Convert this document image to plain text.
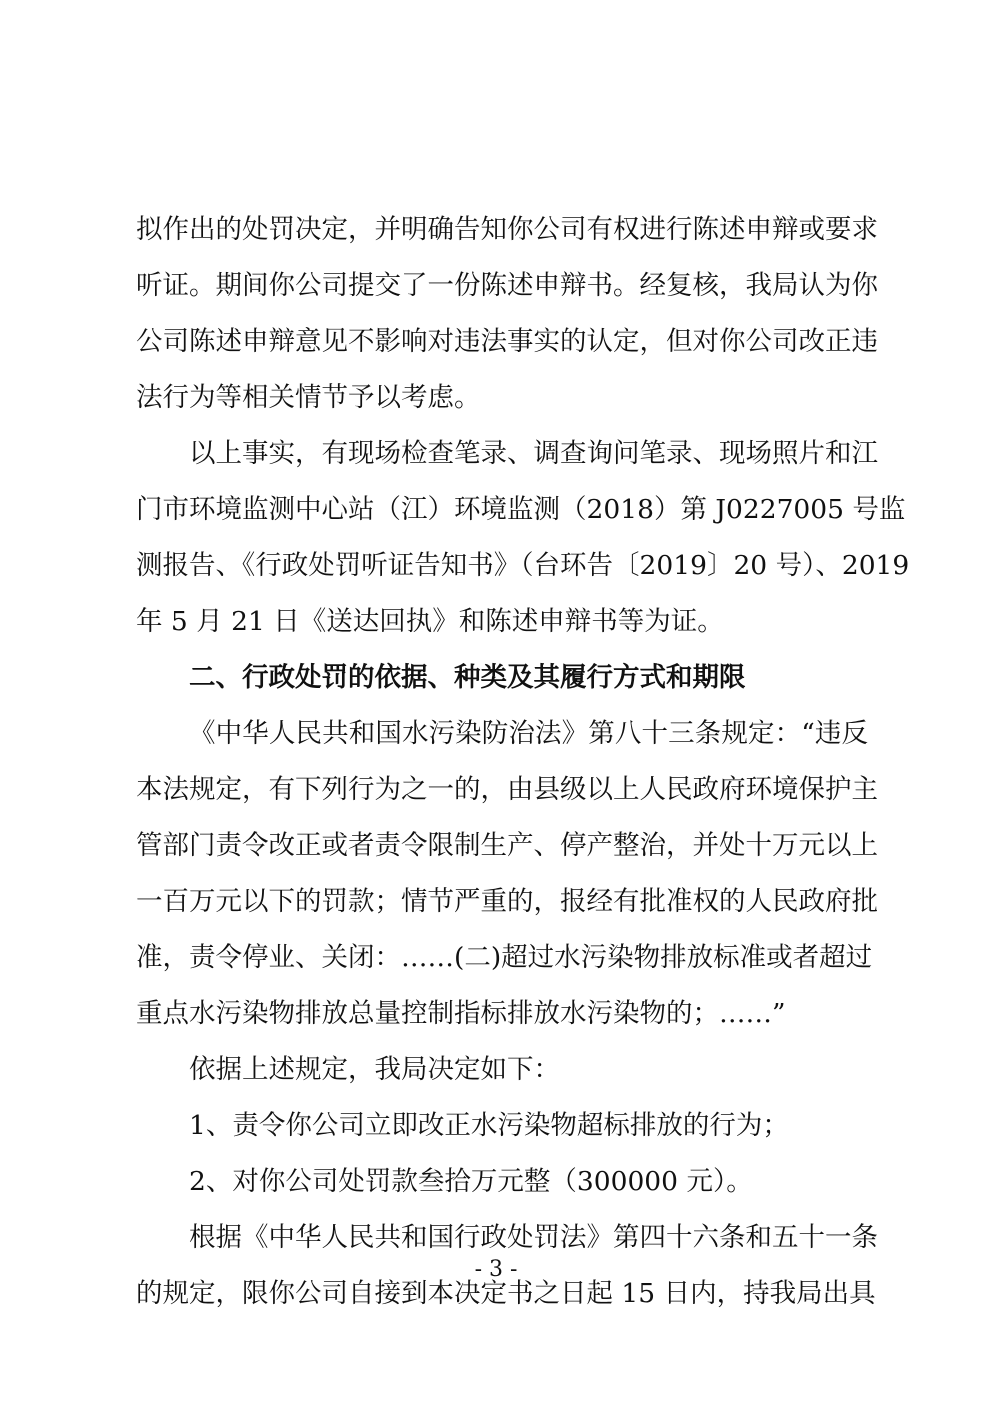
拟作出的处罚决定，并明确告知你公司有权进行陈述申辩或要求
听证。期间你公司提交了一份陈述申辩书。经复核，我局认为你
公司陈述申辩意见不影响对违法事实的认定，但对你公司改正违
法行为等相关情节予以考虑。
以上事实，有现场检查笔录、调查询问笔录、现场照片和江
门市环境监测中心站（江）环境监测（2018）第 J0227005 号监
测报告、《行政处罚听证告知书》（台环告〔2019〕20 号）、2019
年 5 月 21 日《送达回执》和陈述申辩书等为证。
二、行政处罚的依据、种类及其履行方式和期限
《中华人民共和国水污染防治法》第八十三条规定：“违反
本法规定，有下列行为之一的，由县级以上人民政府环境保护主
管部门责令改正或者责令限制生产、停产整治，并处十万元以上
一百万元以下的罚款；情节严重的，报经有批准权的人民政府批
准，责令停业、关闭：……(二)超过水污染物排放标准或者超过
重点水污染物排放总量控制指标排放水污染物的；……”
依据上述规定，我局决定如下：
1、责令你公司立即改正水污染物超标排放的行为；
2、对你公司处罚款叁拾万元整（300000 元）。
根据《中华人民共和国行政处罚法》第四十六条和五十一条
的规定，限你公司自接到本决定书之日起 15 日内，持我局出具
- 3 -
